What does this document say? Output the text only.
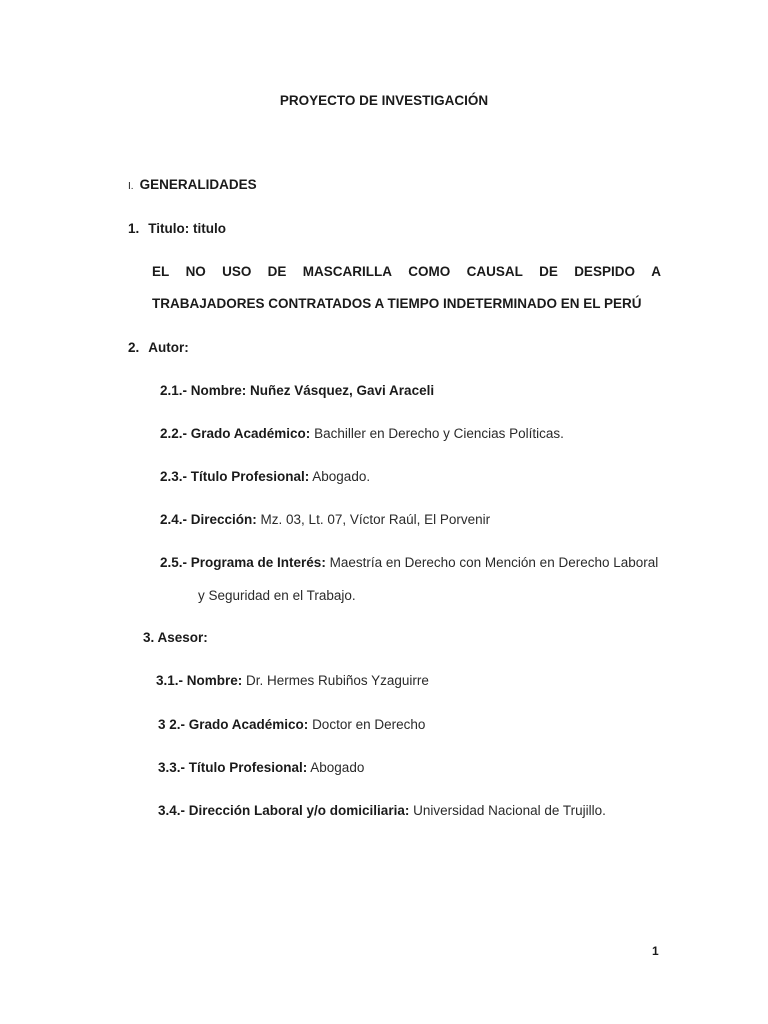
PROYECTO DE INVESTIGACIÓN
I. GENERALIDADES
1. Titulo: titulo
EL NO USO DE MASCARILLA COMO CAUSAL DE DESPIDO A
TRABAJADORES CONTRATADOS A TIEMPO INDETERMINADO EN EL PERÚ
2. Autor:
2.1.- Nombre: Nuñez Vásquez, Gavi Araceli
2.2.- Grado Académico: Bachiller en Derecho y Ciencias Políticas.
2.3.- Título Profesional: Abogado.
2.4.- Dirección: Mz. 03, Lt. 07, Víctor Raúl, El Porvenir
2.5.- Programa de Interés: Maestría en Derecho con Mención en Derecho Laboral
y Seguridad en el Trabajo.
3. Asesor:
3.1.- Nombre: Dr. Hermes Rubiños Yzaguirre
3 2.- Grado Académico: Doctor en Derecho
3.3.- Título Profesional: Abogado
3.4.- Dirección Laboral y/o domiciliaria: Universidad Nacional de Trujillo.
1
